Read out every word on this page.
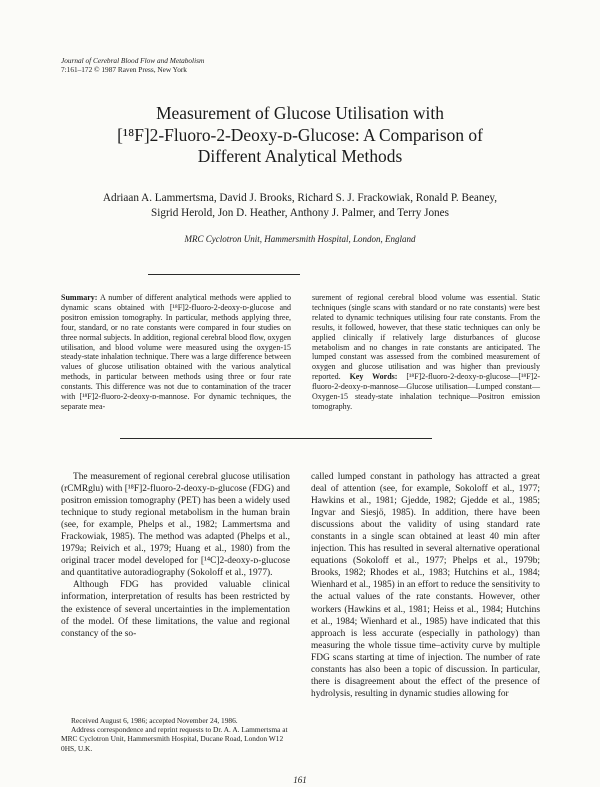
Journal of Cerebral Blood Flow and Metabolism
7:161–172 © 1987 Raven Press, New York
Measurement of Glucose Utilisation with
[¹⁸F]2-Fluoro-2-Deoxy-ᴅ-Glucose: A Comparison of
Different Analytical Methods
Adriaan A. Lammertsma, David J. Brooks, Richard S. J. Frackowiak, Ronald P. Beaney,
Sigrid Herold, Jon D. Heather, Anthony J. Palmer, and Terry Jones
MRC Cyclotron Unit, Hammersmith Hospital, London, England

Summary: A number of different analytical methods were applied to dynamic scans obtained with [¹⁸F]2-fluoro-2-deoxy-ᴅ-glucose and positron emission tomography. In particular, methods applying three, four, standard, or no rate constants were compared in four studies on three normal subjects. In addition, regional cerebral blood flow, oxygen utilisation, and blood volume were measured using the oxygen-15 steady-state inhalation technique. There was a large difference between values of glucose utilisation obtained with the various analytical methods, in particular between methods using three or four rate constants. This difference was not due to contamination of the tracer with [¹⁸F]2-fluoro-2-deoxy-ᴅ-mannose. For dynamic techniques, the separate mea-

surement of regional cerebral blood volume was essential. Static techniques (single scans with standard or no rate constants) were best related to dynamic techniques utilising four rate constants. From the results, it followed, however, that these static techniques can only be applied clinically if relatively large disturbances of glucose metabolism and no changes in rate constants are anticipated. The lumped constant was assessed from the combined measurement of oxygen and glucose utilisation and was higher than previously reported. Key Words: [¹⁸F]2-fluoro-2-deoxy-ᴅ-glucose—[¹⁸F]2-fluoro-2-deoxy-ᴅ-mannose—Glucose utilisation—Lumped constant—Oxygen-15 steady-state inhalation technique—Positron emission tomography.

The measurement of regional cerebral glucose utilisation (rCMRglu) with [¹⁸F]2-fluoro-2-deoxy-ᴅ-glucose (FDG) and positron emission tomography (PET) has been a widely used technique to study regional metabolism in the human brain (see, for example, Phelps et al., 1982; Lammertsma and Frackowiak, 1985). The method was adapted (Phelps et al., 1979a; Reivich et al., 1979; Huang et al., 1980) from the original tracer model developed for [¹⁴C]2-deoxy-ᴅ-glucose and quantitative autoradiography (Sokoloff et al., 1977).

Although FDG has provided valuable clinical information, interpretation of results has been restricted by the existence of several uncertainties in the implementation of the model. Of these limitations, the value and regional constancy of the so-

called lumped constant in pathology has attracted a great deal of attention (see, for example, Sokoloff et al., 1977; Hawkins et al., 1981; Gjedde, 1982; Gjedde et al., 1985; Ingvar and Siesjö, 1985). In addition, there have been discussions about the validity of using standard rate constants in a single scan obtained at least 40 min after injection. This has resulted in several alternative operational equations (Sokoloff et al., 1977; Phelps et al., 1979b; Brooks, 1982; Rhodes et al., 1983; Hutchins et al., 1984; Wienhard et al., 1985) in an effort to reduce the sensitivity to the actual values of the rate constants. However, other workers (Hawkins et al., 1981; Heiss et al., 1984; Hutchins et al., 1984; Wienhard et al., 1985) have indicated that this approach is less accurate (especially in pathology) than measuring the whole tissue time–activity curve by multiple FDG scans starting at time of injection. The number of rate constants has also been a topic of discussion. In particular, there is disagreement about the effect of the presence of hydrolysis, resulting in dynamic studies allowing for

Received August 6, 1986; accepted November 24, 1986.

Address correspondence and reprint requests to Dr. A. A. Lammertsma at MRC Cyclotron Unit, Hammersmith Hospital, Ducane Road, London W12 0HS, U.K.

161
